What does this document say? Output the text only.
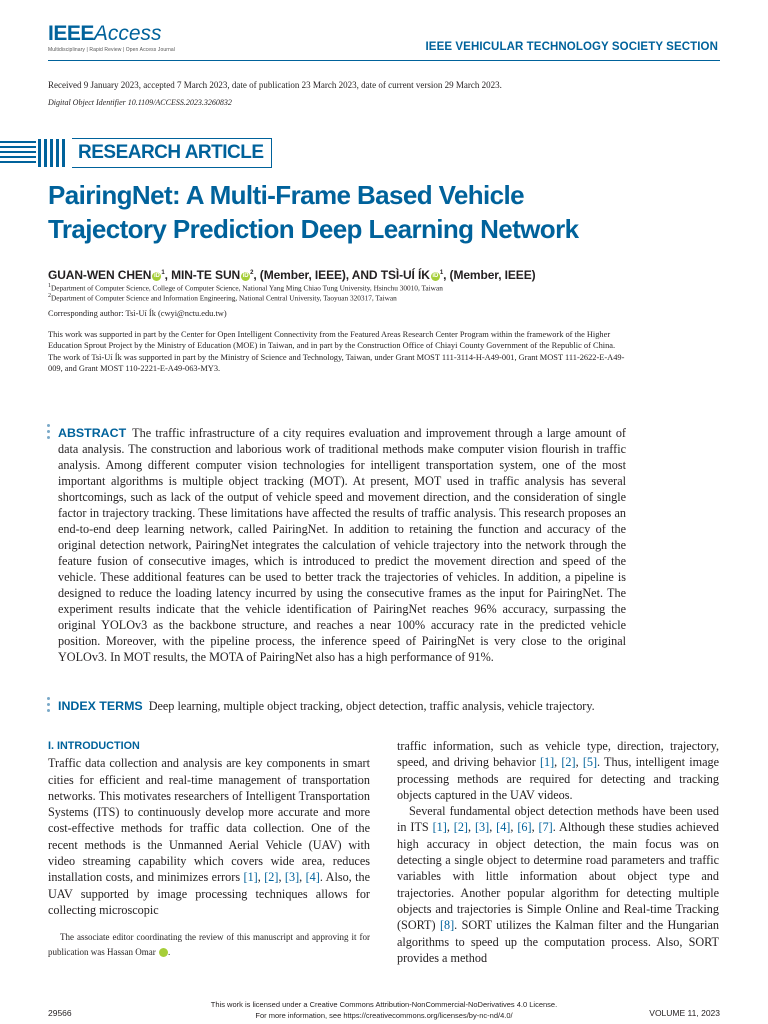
IEEEAccess
Multidisciplinary | Rapid Review | Open Access Journal	IEEE VEHICULAR TECHNOLOGY SOCIETY SECTION
Received 9 January 2023, accepted 7 March 2023, date of publication 23 March 2023, date of current version 29 March 2023.
Digital Object Identifier 10.1109/ACCESS.2023.3260832
RESEARCH ARTICLE
PairingNet: A Multi-Frame Based Vehicle
Trajectory Prediction Deep Learning Network
GUAN-WEN CHEN iD $^1$, MIN-TE SUN iD $^2$, (Member, IEEE), AND TSÌ-UÍ ÍK iD $^1$, (Member, IEEE)
$^1$Department of Computer Science, College of Computer Science, National Yang Ming Chiao Tung University, Hsinchu 30010, Taiwan
$^2$Department of Computer Science and Information Engineering, National Central University, Taoyuan 320317, Taiwan
Corresponding author: Tsì-Uí Ík (cwyi@nctu.edu.tw)
This work was supported in part by the Center for Open Intelligent Connectivity from the Featured Areas Research Center Program within the framework of the Higher Education Sprout Project by the Ministry of Education (MOE) in Taiwan, and in part by the Construction Office of Chiayi County Government of the Republic of China. The work of Tsì-Uí Ík was supported in part by the Ministry of Science and Technology, Taiwan, under Grant MOST 111-3114-H-A49-001, Grant MOST 111-2622-E-A49-009, and Grant MOST 110-2221-E-A49-063-MY3.
ABSTRACT The traffic infrastructure of a city requires evaluation and improvement through a large amount of data analysis. The construction and laborious work of traditional methods make computer vision flourish in traffic analysis. Among different computer vision technologies for intelligent transportation system, one of the most important algorithms is multiple object tracking (MOT). At present, MOT used in traffic analysis has several shortcomings, such as lack of the output of vehicle speed and movement direction, and the consideration of single factor in trajectory tracking. These limitations have affected the results of traffic analysis. This research proposes an end-to-end deep learning network, called PairingNet. In addition to retaining the function and accuracy of the original detection network, PairingNet integrates the calculation of vehicle trajectory into the network through the feature fusion of consecutive images, which is introduced to predict the movement direction and speed of the vehicle. These additional features can be used to better track the trajectories of vehicles. In addition, a pipeline is designed to reduce the loading latency incurred by using the consecutive frames as the input for PairingNet. The experiment results indicate that the vehicle identification of PairingNet reaches 96% accuracy, surpassing the original YOLOv3 as the backbone structure, and reaches a near 100% accuracy rate in the predicted vehicle position. Moreover, with the pipeline process, the inference speed of PairingNet is very close to the original YOLOv3. In MOT results, the MOTA of PairingNet also has a high performance of 91%.
INDEX TERMS Deep learning, multiple object tracking, object detection, traffic analysis, vehicle trajectory.
I. INTRODUCTION

Traffic data collection and analysis are key components in smart cities for efficient and real-time management of transportation networks. This motivates researchers of Intelligent Transportation Systems (ITS) to continuously develop more accurate and more cost-effective methods for traffic data collection. One of the recent methods is the Unmanned Aerial Vehicle (UAV) with video streaming capability which covers wide area, reduces installation costs, and minimizes errors [1], [2], [3], [4]. Also, the UAV supported by image processing techniques allows for collecting microscopic

The associate editor coordinating the review of this manuscript and approving it for publication was Hassan Omar	iD.

traffic information, such as vehicle type, direction, trajectory, speed, and driving behavior [1], [2], [5]. Thus, intelligent image processing methods are required for detecting and tracking objects captured in the UAV videos.

Several fundamental object detection methods have been used in ITS [1], [2], [3], [4], [6], [7]. Although these studies achieved high accuracy in object detection, the main focus was on detecting a single object to determine road parameters and traffic variables with little information about object type and trajectories. Another popular algorithm for detecting multiple objects and trajectories is Simple Online and Real-time Tracking (SORT) [8]. SORT utilizes the Kalman filter and the Hungarian algorithms to speed up the computation process. Also, SORT provides a method

29566
This work is licensed under a Creative Commons Attribution-NonCommercial-NoDerivatives 4.0 License.
For more information, see https://creativecommons.org/licenses/by-nc-nd/4.0/	VOLUME 11, 2023
